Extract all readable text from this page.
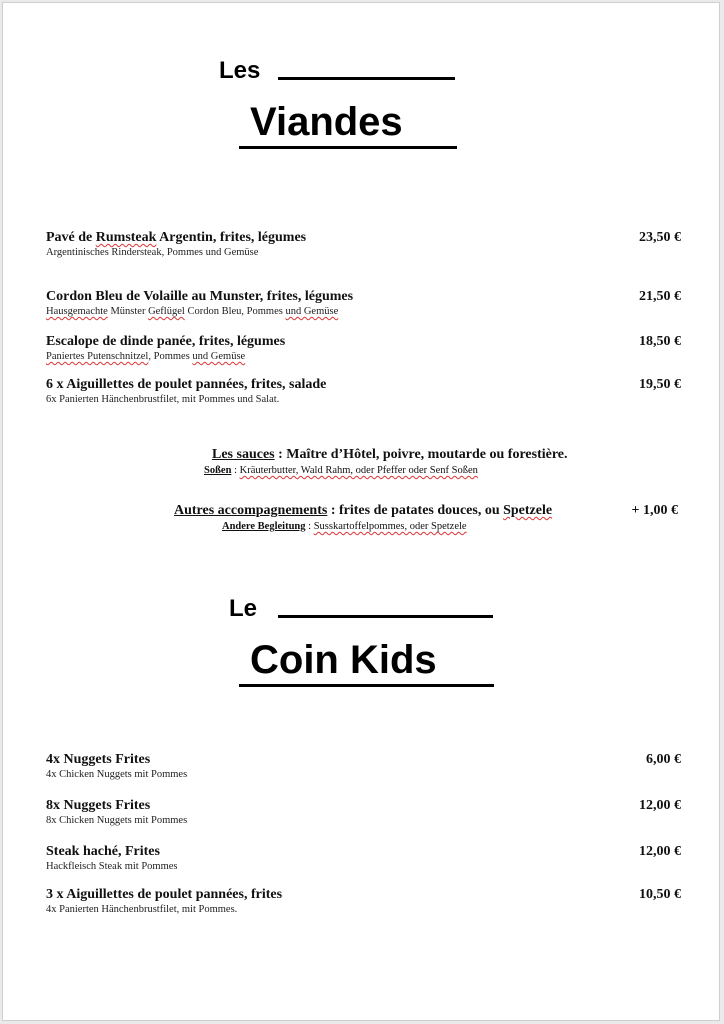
Les
Viandes
Pavé de Rumsteak Argentin, frites, légumes
Argentinisches Rindersteak, Pommes und Gemüse
23,50 €
Cordon Bleu de Volaille au Munster, frites, légumes
Hausgemachte Münster Geflügel Cordon Bleu, Pommes und Gemüse
21,50 €
Escalope de dinde panée, frites, légumes
Paniertes Putenschnitzel, Pommes und Gemüse
18,50 €
6 x Aiguillettes de poulet pannées, frites, salade
6x Panierten Hänchenbrustfilet, mit Pommes und Salat.
19,50 €
Les sauces : Maître d’Hôtel, poivre, moutarde ou forestière.
Soßen : Kräuterbutter, Wald Rahm, oder Pfeffer oder Senf Soßen
Autres accompagnements : frites de patates douces, ou Spetzele
Andere Begleitung : Susskartoffelpommes, oder Spetzele
+ 1,00 €
Le
Coin Kids
4x Nuggets Frites
4x Chicken Nuggets mit Pommes
6,00 €
8x Nuggets Frites
8x Chicken Nuggets mit Pommes
12,00 €
Steak haché, Frites
Hackfleisch Steak mit Pommes
12,00 €
3 x Aiguillettes de poulet pannées, frites
4x Panierten Hänchenbrustfilet, mit Pommes.
10,50 €
